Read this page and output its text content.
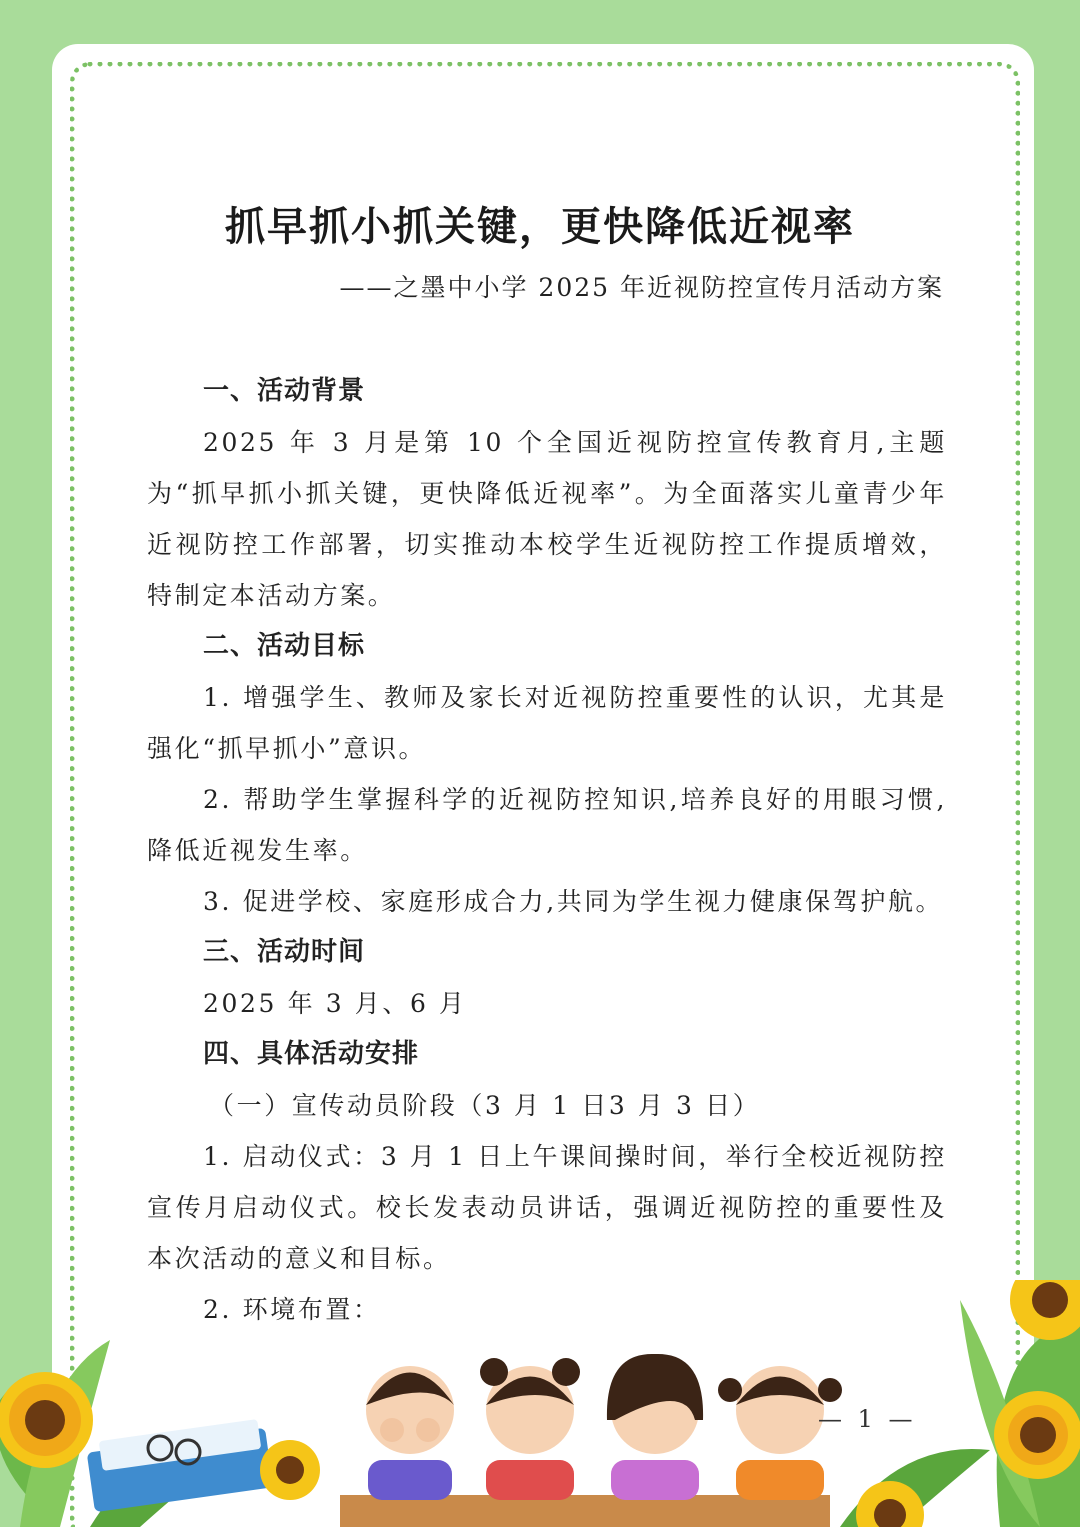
抓早抓小抓关键，更快降低近视率
——之墨中小学 2025 年近视防控宣传月活动方案
一、活动背景

2025 年 3 月是第 10 个全国近视防控宣传教育月,主题为“抓早抓小抓关键，更快降低近视率”。为全面落实儿童青少年近视防控工作部署，切实推动本校学生近视防控工作提质增效，特制定本活动方案。

二、活动目标

1. 增强学生、教师及家长对近视防控重要性的认识，尤其是强化“抓早抓小”意识。

2. 帮助学生掌握科学的近视防控知识,培养良好的用眼习惯,降低近视发生率。

3. 促进学校、家庭形成合力,共同为学生视力健康保驾护航。

三、活动时间

2025 年 3 月、6 月

四、具体活动安排

（一）宣传动员阶段（3 月 1 日3 月 3 日）

1. 启动仪式：3 月 1 日上午课间操时间，举行全校近视防控宣传月启动仪式。校长发表动员讲话，强调近视防控的重要性及本次活动的意义和目标。

2. 环境布置：

— 1 —
